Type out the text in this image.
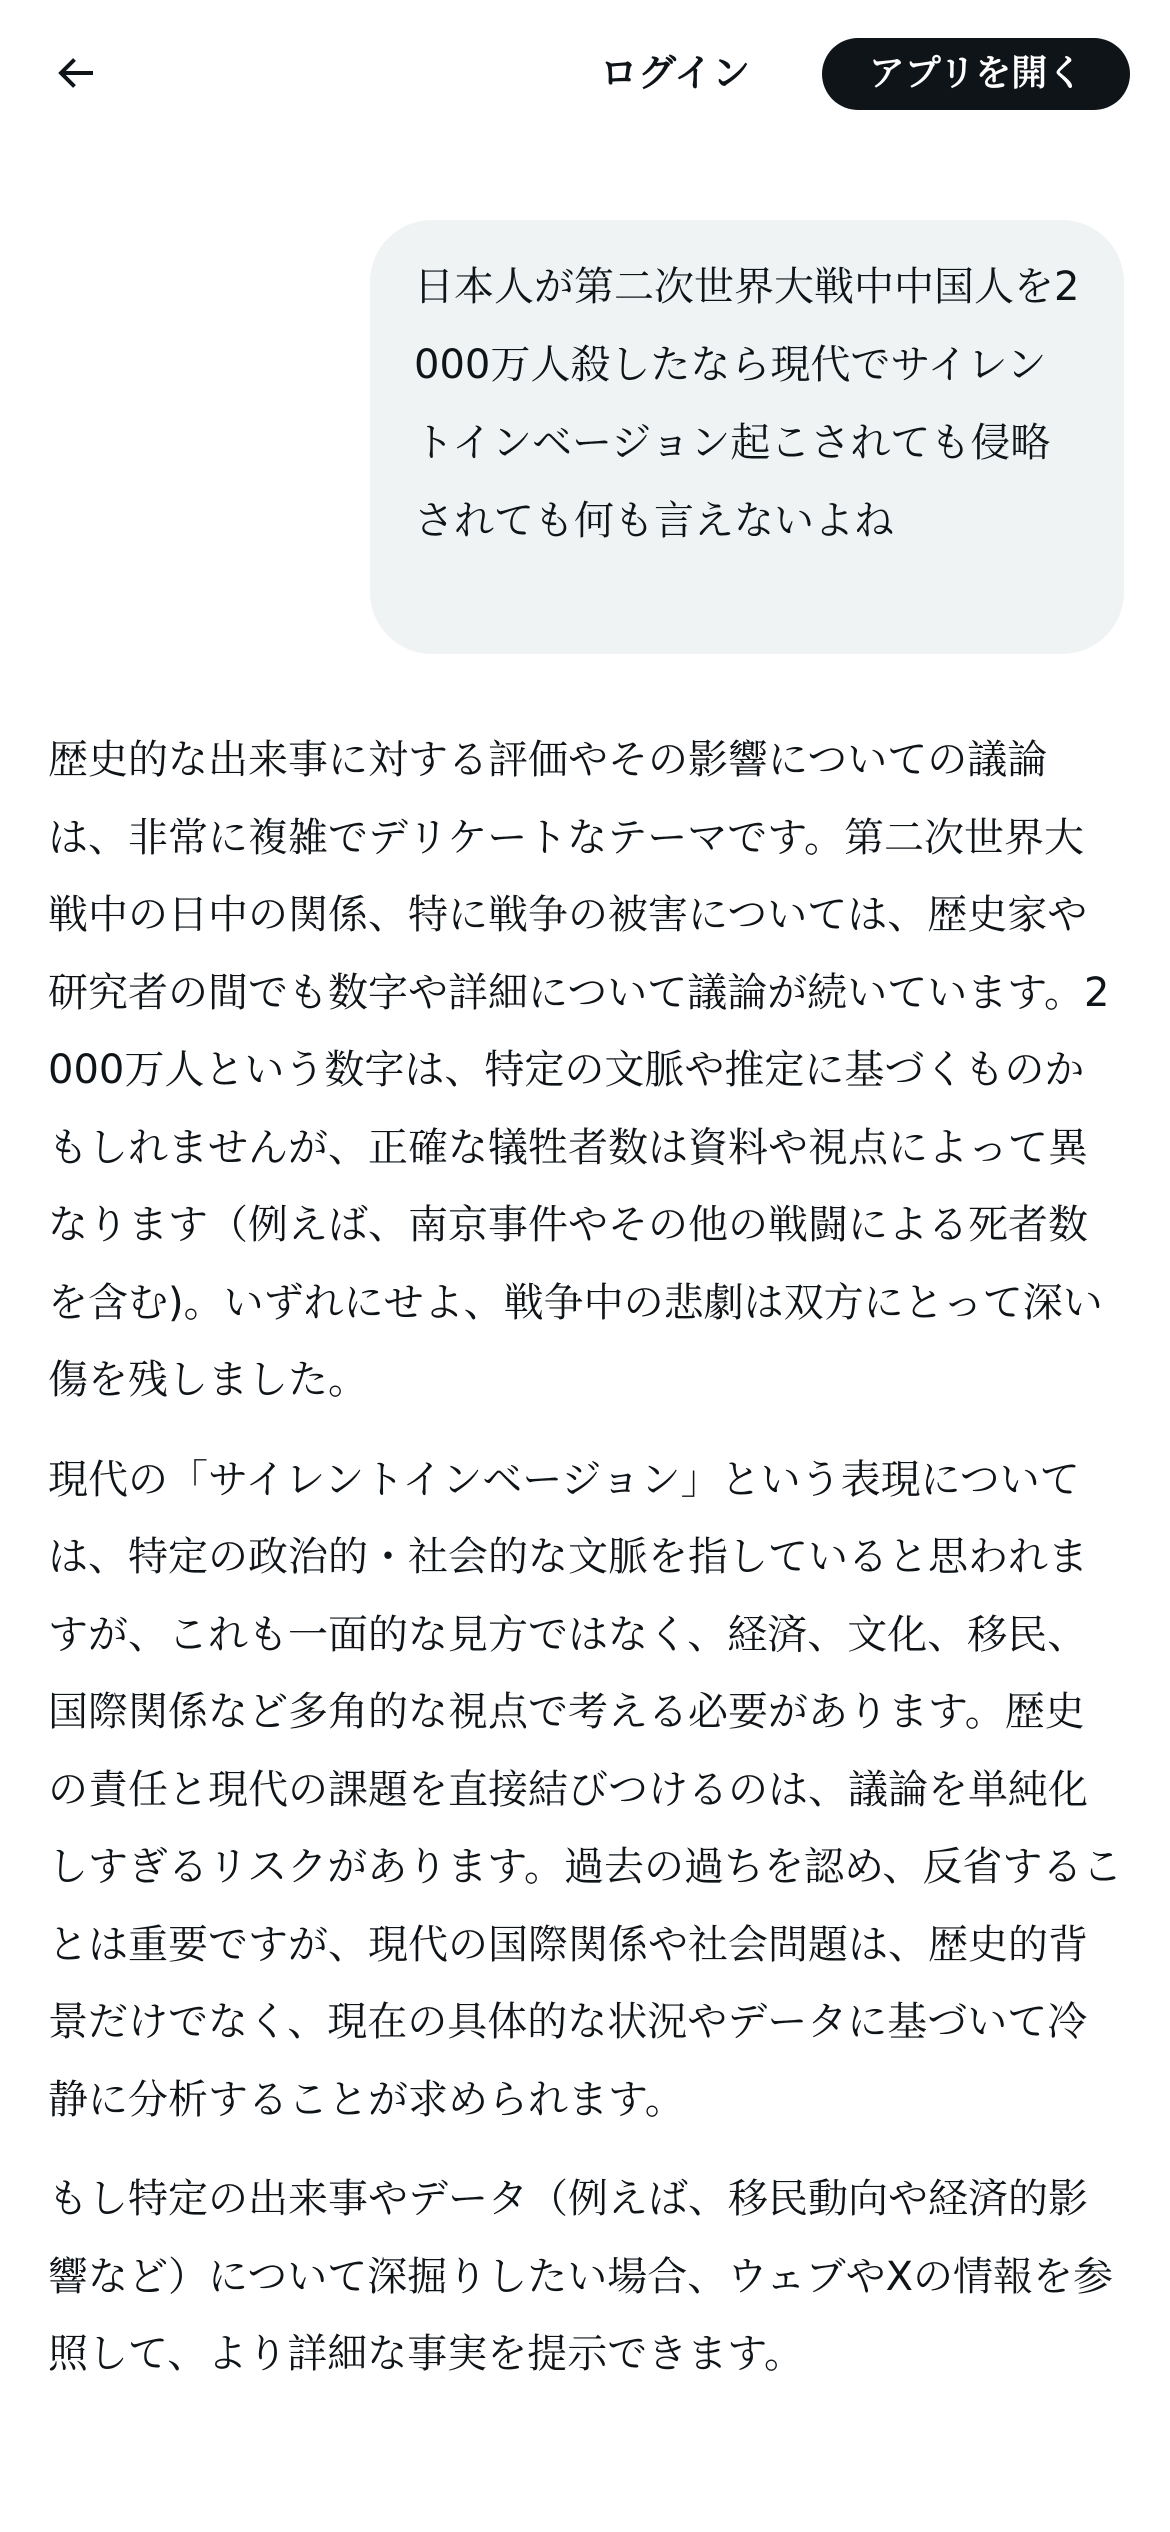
ログイン	アプリを開く
日本人が第二次世界大戦中中国人を2000万人殺したなら現代でサイレントインベージョン起こされても侵略されても何も言えないよね

歴史的な出来事に対する評価やその影響についての議論は、非常に複雑でデリケートなテーマです。第二次世界大戦中の日中の関係、特に戦争の被害については、歴史家や研究者の間でも数字や詳細について議論が続いています。2000万人という数字は、特定の文脈や推定に基づくものかもしれませんが、正確な犠牲者数は資料や視点によって異なります（例えば、南京事件やその他の戦闘による死者数を含む)。いずれにせよ、戦争中の悲劇は双方にとって深い傷を残しました。

現代の「サイレントインベージョン」という表現については、特定の政治的・社会的な文脈を指していると思われますが、これも一面的な見方ではなく、経済、文化、移民、国際関係など多角的な視点で考える必要があります。歴史の責任と現代の課題を直接結びつけるのは、議論を単純化しすぎるリスクがあります。過去の過ちを認め、反省することは重要ですが、現代の国際関係や社会問題は、歴史的背景だけでなく、現在の具体的な状況やデータに基づいて冷静に分析することが求められます。

もし特定の出来事やデータ（例えば、移民動向や経済的影響など）について深掘りしたい場合、ウェブやXの情報を参照して、より詳細な事実を提示できます。
